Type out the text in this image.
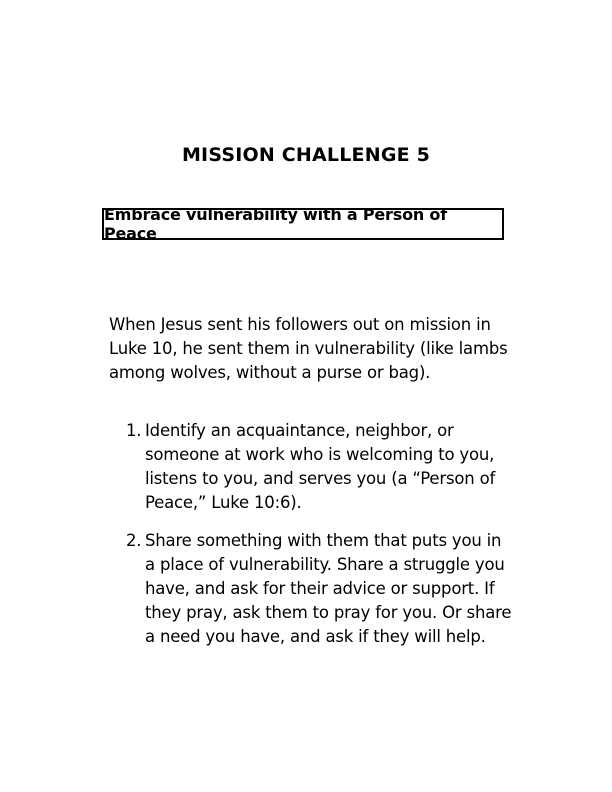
MISSION CHALLENGE 5
Embrace vulnerability with a Person of Peace
When Jesus sent his followers out on mission in Luke 10, he sent them in vulnerability (like lambs among wolves, without a purse or bag).
1. Identify an acquaintance, neighbor, or someone at work who is welcoming to you, listens to you, and serves you (a “Person of Peace,” Luke 10:6).
2. Share something with them that puts you in a place of vulnerability. Share a struggle you have, and ask for their advice or support. If they pray, ask them to pray for you. Or share a need you have, and ask if they will help.
